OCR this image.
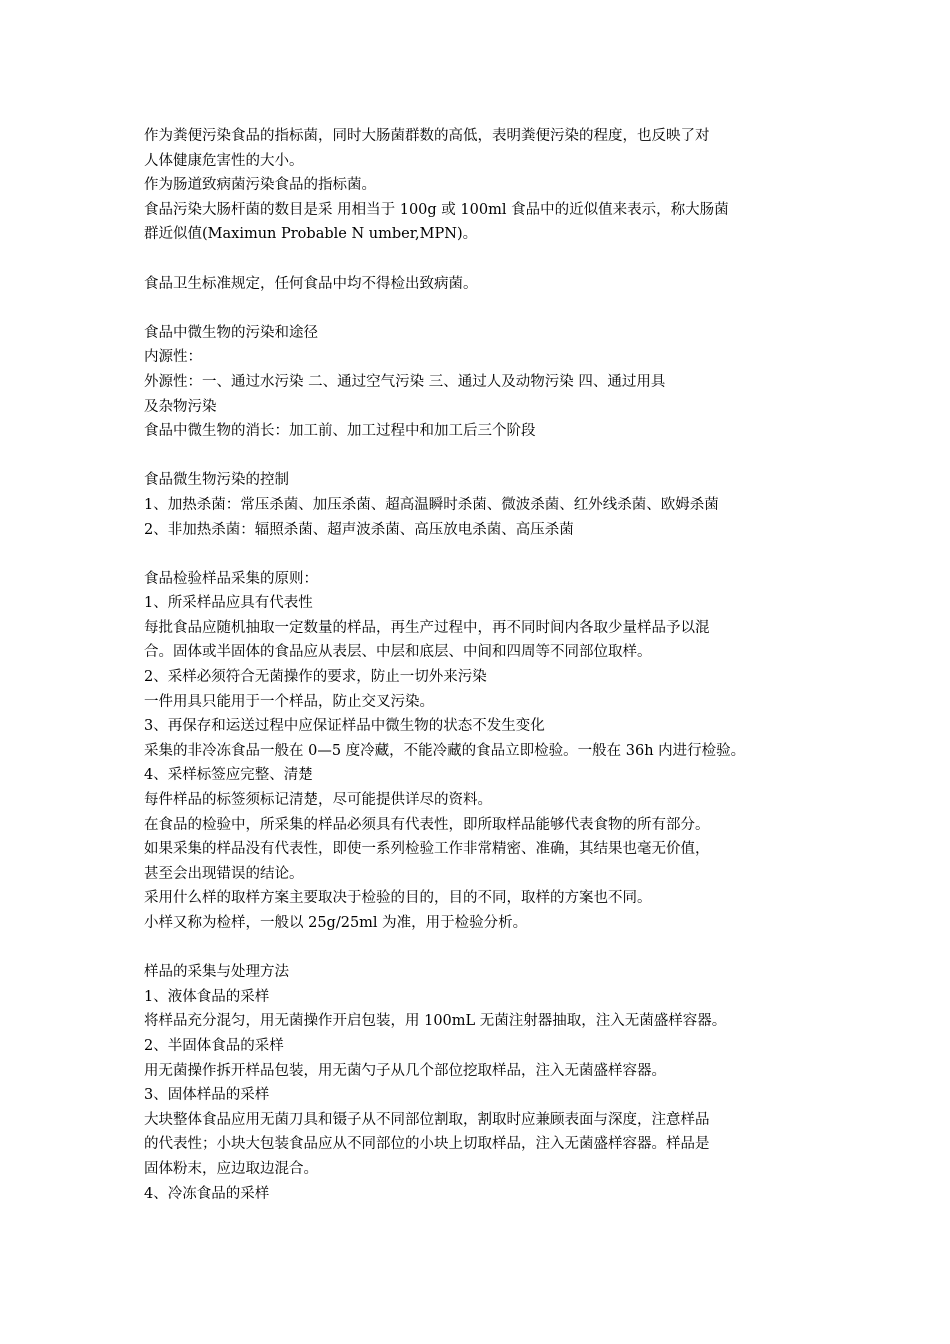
作为粪便污染食品的指标菌，同时大肠菌群数的高低，表明粪便污染的程度，也反映了对
人体健康危害性的大小。
作为肠道致病菌污染食品的指标菌。
食品污染大肠杆菌的数目是采 用相当于 100g 或 100ml 食品中的近似值来表示，称大肠菌
群近似值(Maximun Probable N umber,MPN)。
食品卫生标准规定，任何食品中均不得检出致病菌。
食品中微生物的污染和途径
内源性：
外源性：一、通过水污染 二、通过空气污染 三、通过人及动物污染 四、通过用具
及杂物污染
食品中微生物的消长：加工前、加工过程中和加工后三个阶段
食品微生物污染的控制
1、加热杀菌：常压杀菌、加压杀菌、超高温瞬时杀菌、微波杀菌、红外线杀菌、欧姆杀菌
2、非加热杀菌：辐照杀菌、超声波杀菌、高压放电杀菌、高压杀菌
食品检验样品采集的原则：
1、所采样品应具有代表性
每批食品应随机抽取一定数量的样品，再生产过程中，再不同时间内各取少量样品予以混
合。固体或半固体的食品应从表层、中层和底层、中间和四周等不同部位取样。
2、采样必须符合无菌操作的要求，防止一切外来污染
一件用具只能用于一个样品，防止交叉污染。
3、再保存和运送过程中应保证样品中微生物的状态不发生变化
采集的非冷冻食品一般在 0—5 度冷藏，不能冷藏的食品立即检验。一般在 36h 内进行检验。
4、采样标签应完整、清楚
每件样品的标签须标记清楚，尽可能提供详尽的资料。
在食品的检验中，所采集的样品必须具有代表性，即所取样品能够代表食物的所有部分。
如果采集的样品没有代表性，即使一系列检验工作非常精密、准确，其结果也毫无价值，
甚至会出现错误的结论。
采用什么样的取样方案主要取决于检验的目的，目的不同，取样的方案也不同。
小样又称为检样，一般以 25g/25ml 为准，用于检验分析。
样品的采集与处理方法
1、液体食品的采样
将样品充分混匀，用无菌操作开启包装，用 100mL 无菌注射器抽取，注入无菌盛样容器。
2、半固体食品的采样
用无菌操作拆开样品包装，用无菌勺子从几个部位挖取样品，注入无菌盛样容器。
3、固体样品的采样
大块整体食品应用无菌刀具和镊子从不同部位割取，割取时应兼顾表面与深度，注意样品
的代表性；小块大包装食品应从不同部位的小块上切取样品，注入无菌盛样容器。样品是
固体粉末，应边取边混合。
4、冷冻食品的采样
